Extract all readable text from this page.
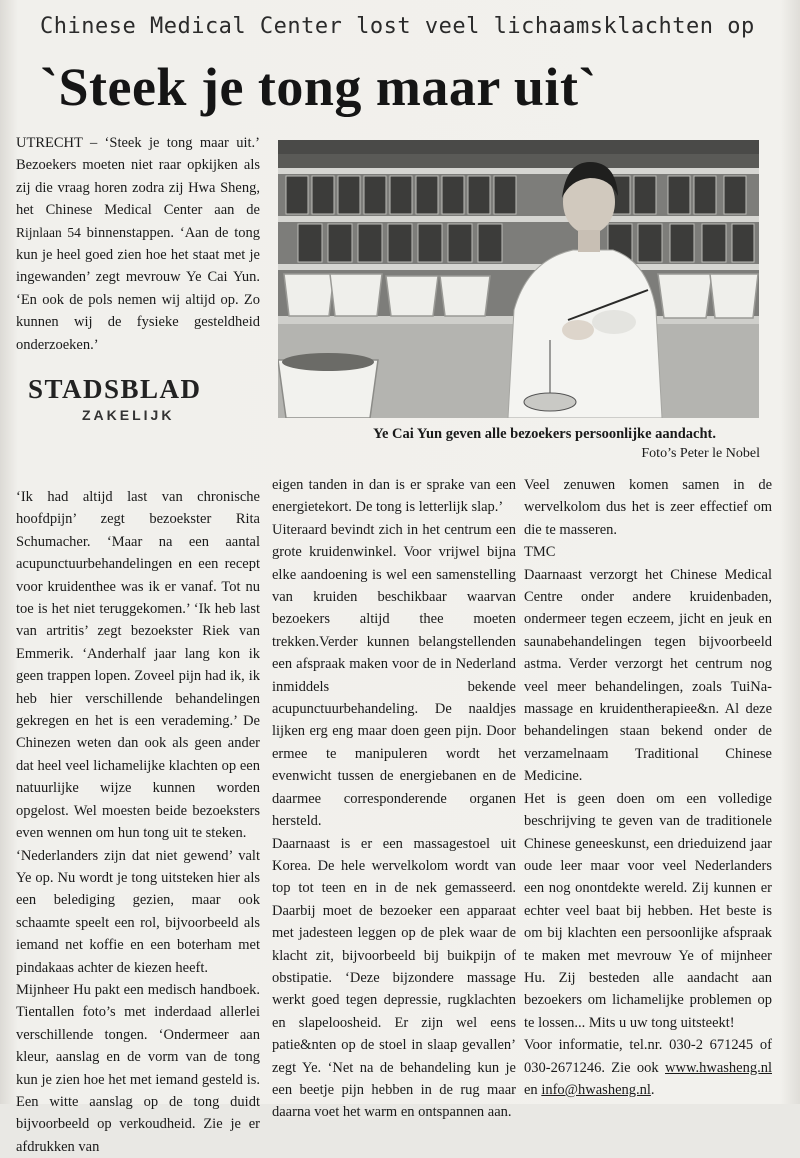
Chinese Medical Center lost veel lichaamsklachten op
`Steek je tong maar uit`
UTRECHT – ‘Steek je tong maar uit.’ Bezoekers moeten niet raar opkijken als zij die vraag horen zodra zij Hwa Sheng, het Chinese Medical Center aan de Rijnlaan 54 binnenstappen. ‘Aan de tong kun je heel goed zien hoe het staat met je ingewanden’ zegt mevrouw Ye Cai Yun. ‘En ook de pols nemen wij altijd op. Zo kunnen wij de fysieke gesteldheid onderzoeken.’
STADSBLAD
ZAKELIJK
Ye Cai Yun geven alle bezoekers persoonlijke aandacht.
Foto’s Peter le Nobel

‘Ik had altijd last van chronische hoofdpijn’ zegt bezoekster Rita Schumacher. ‘Maar na een aantal acupunctuurbehandelingen en een recept voor kruidenthee was ik er vanaf. Tot nu toe is het niet teruggekomen.’ ‘Ik heb last van artritis’ zegt bezoekster Riek van Emmerik. ‘Anderhalf jaar lang kon ik geen trappen lopen. Zoveel pijn had ik, ik heb hier verschillende behandelingen gekregen en het is een verademing.’ De Chinezen weten dan ook als geen ander dat heel veel lichamelijke klachten op een natuurlijke wijze kunnen worden opgelost. Wel moesten beide bezoeksters even wennen om hun tong uit te steken.

‘Nederlanders zijn dat niet gewend’ valt Ye op. Nu wordt je tong uitsteken hier als een belediging gezien, maar ook schaamte speelt een rol, bijvoorbeeld als iemand net koffie en een boterham met pindakaas achter de kiezen heeft.

Mijnheer Hu pakt een medisch handboek. Tientallen foto’s met inderdaad allerlei verschillende tongen. ‘Ondermeer aan kleur, aanslag en de vorm van de tong kun je zien hoe het met iemand gesteld is. Een witte aanslag op de tong duidt bijvoorbeeld op verkoudheid. Zie je er afdrukken van

eigen tanden in dan is er sprake van een energietekort. De tong is letterlijk slap.’

Uiteraard bevindt zich in het centrum een grote kruidenwinkel. Voor vrijwel bijna elke aandoening is wel een samenstelling van kruiden beschikbaar waarvan bezoekers altijd thee moeten trekken.Verder kunnen belangstellenden een afspraak maken voor de in Nederland inmiddels bekende acupunctuurbehandeling. De naaldjes lijken erg eng maar doen geen pijn. Door ermee te manipuleren wordt het evenwicht tussen de energiebanen en de daarmee corresponderende organen hersteld.

Daarnaast is er een massagestoel uit Korea. De hele wervelkolom wordt van top tot teen en in de nek gemasseerd. Daarbij moet de bezoeker een apparaat met jadesteen leggen op de plek waar de klacht zit, bijvoorbeeld bij buikpijn of obstipatie. ‘Deze bijzondere massage werkt goed tegen depressie, rugklachten en slapeloosheid. Er zijn wel eens patie&nten op de stoel in slaap gevallen’ zegt Ye. ‘Net na de behandeling kun je een beetje pijn hebben in de rug maar daarna voet het warm en ontspannen aan.

Veel zenuwen komen samen in de wervelkolom dus het is zeer effectief om die te masseren.

TMC

Daarnaast verzorgt het Chinese Medical Centre onder andere kruidenbaden, ondermeer tegen eczeem, jicht en jeuk en saunabehandelingen tegen bijvoorbeeld astma. Verder verzorgt het centrum nog veel meer behandelingen, zoals TuiNa-massage en kruidentherapiee&n. Al deze behandelingen staan bekend onder de verzamelnaam Traditional Chinese Medicine.

Het is geen doen om een volledige beschrijving te geven van de traditionele Chinese geneeskunst, een drieduizend jaar oude leer maar voor veel Nederlanders een nog onontdekte wereld. Zij kunnen er echter veel baat bij hebben. Het beste is om bij klachten een persoonlijke afspraak te maken met mevrouw Ye of mijnheer Hu. Zij besteden alle aandacht aan bezoekers om lichamelijke problemen op te lossen... Mits u uw tong uitsteekt!

Voor informatie, tel.nr. 030-2 671245 of 030-2671246. Zie ook www.hwasheng.nl en info@hwasheng.nl.
